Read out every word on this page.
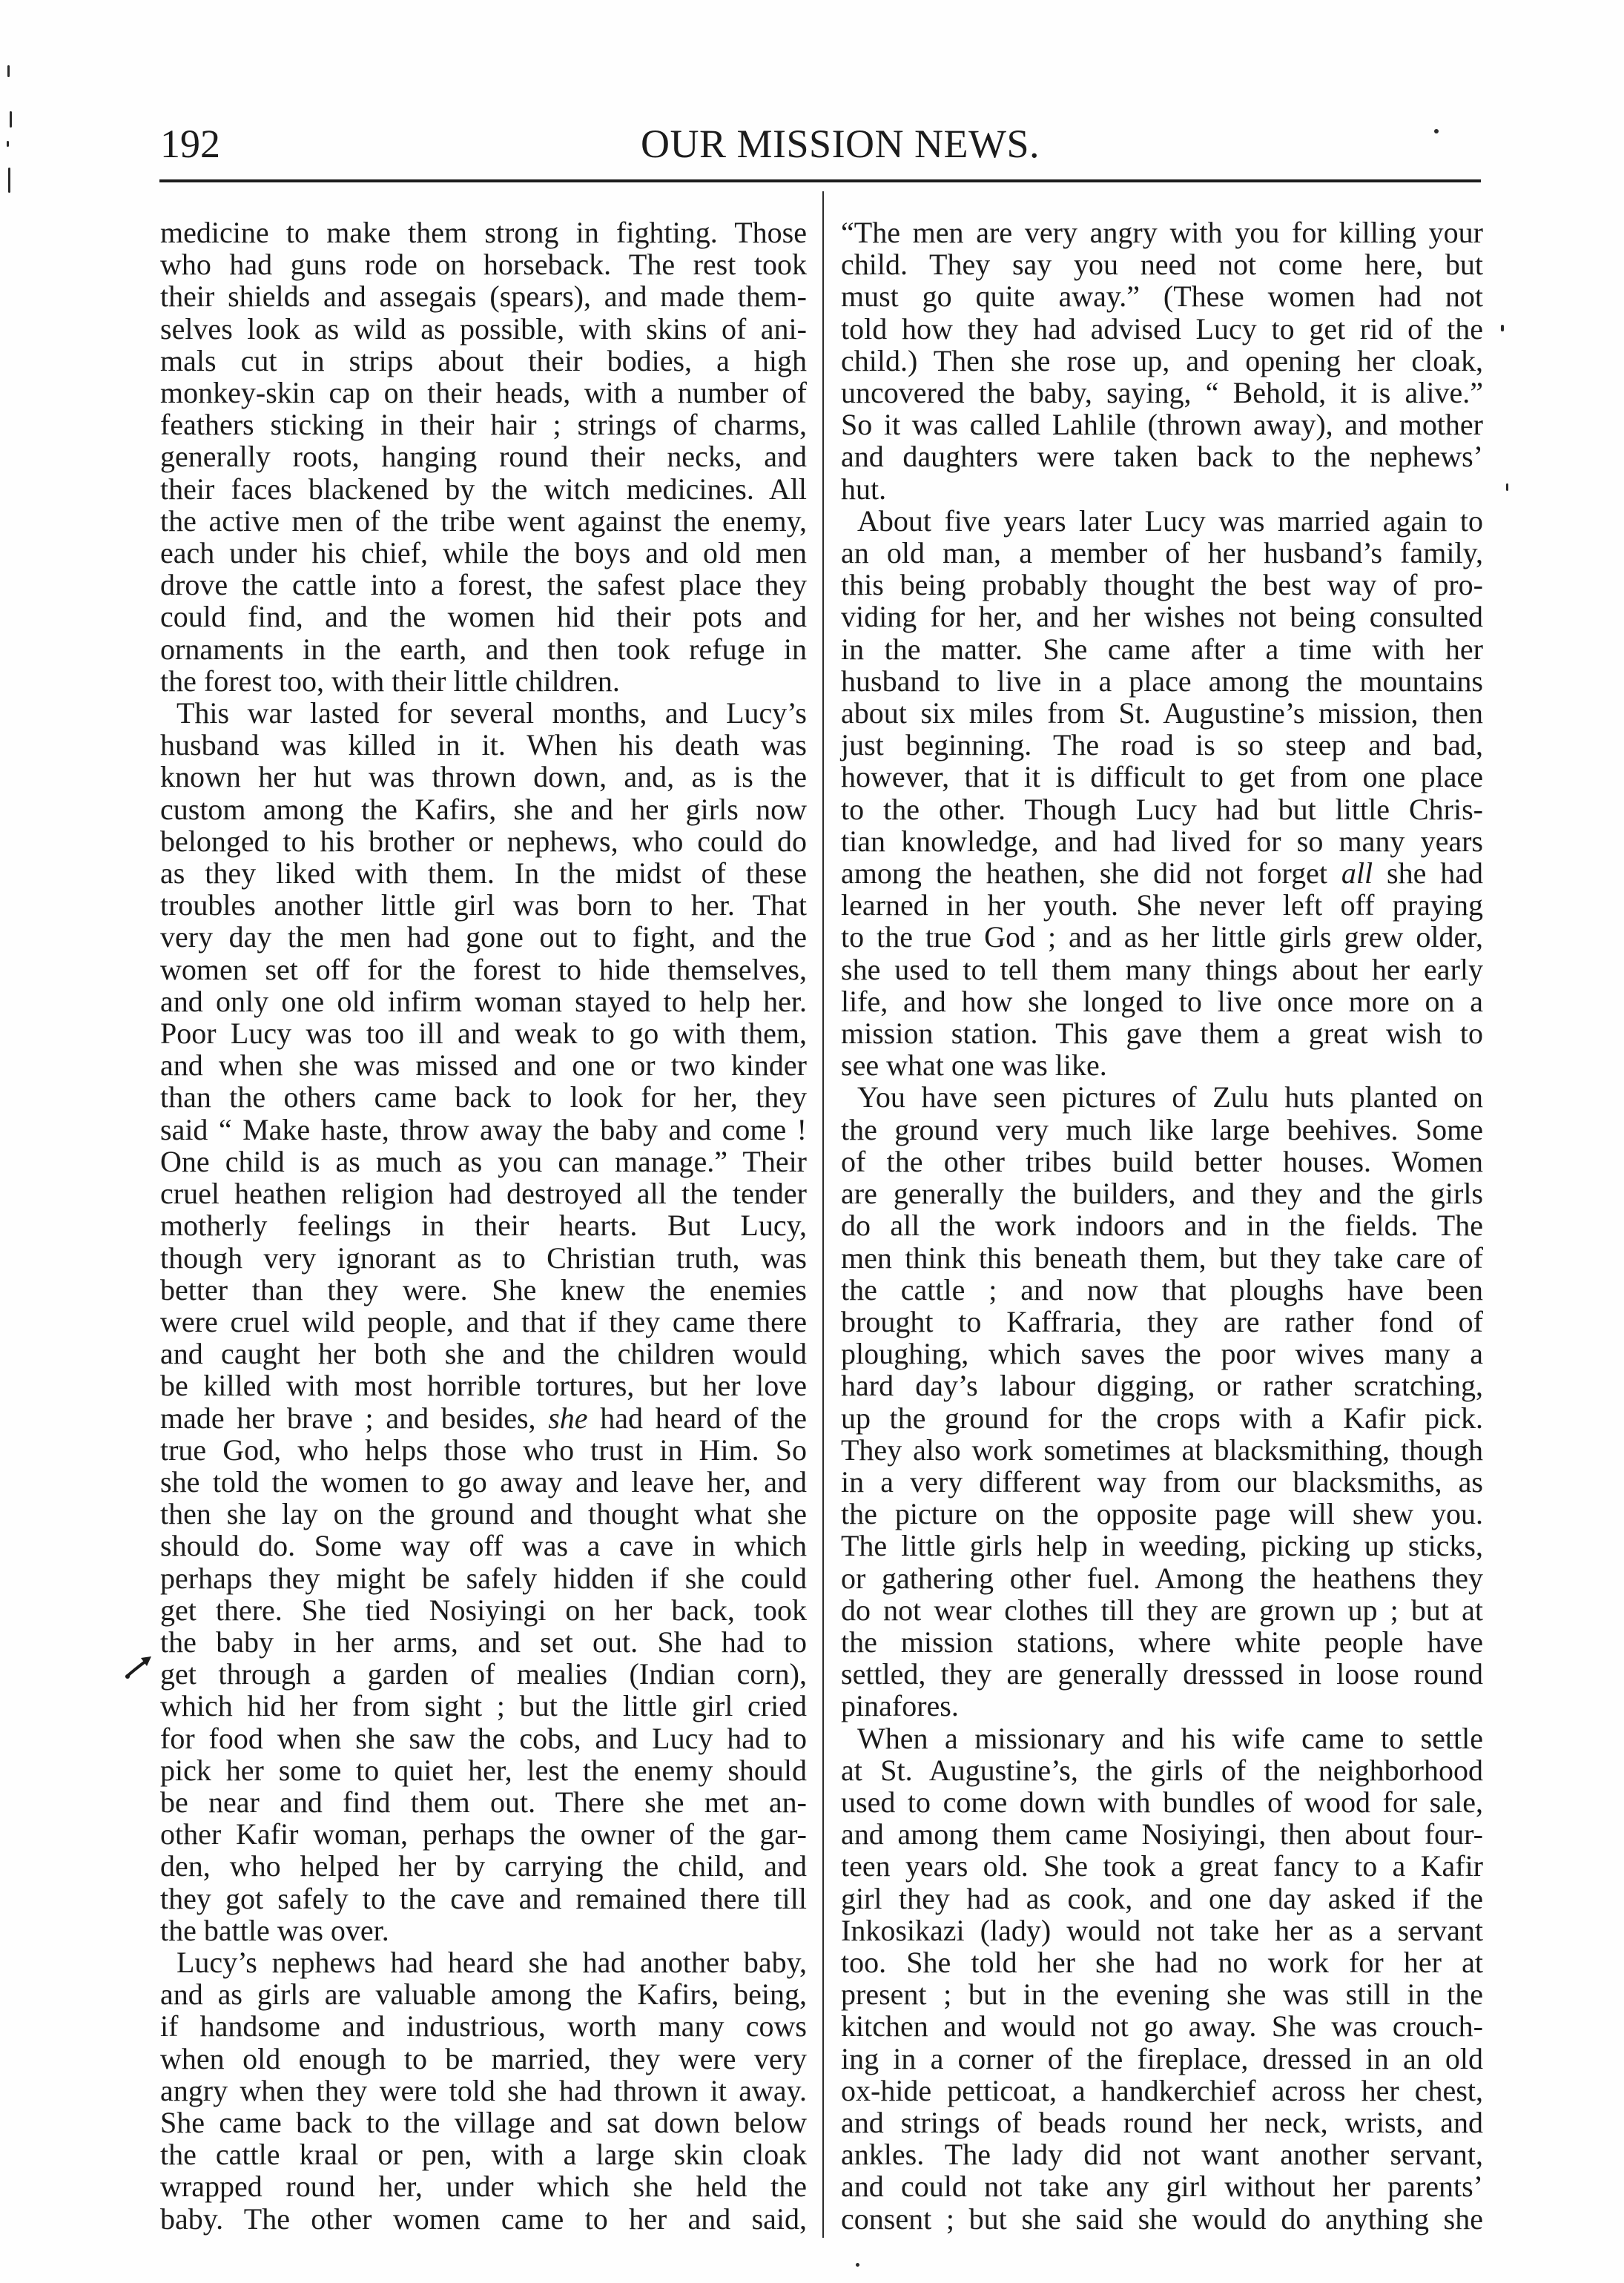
192	OUR MISSION NEWS.
medicine to make them strong in fighting. Those
who had guns rode on horseback. The rest took
their shields and assegais (spears), and made them-
selves look as wild as possible, with skins of ani-
mals cut in strips about their bodies, a high
monkey-skin cap on their heads, with a number of
feathers sticking in their hair ; strings of charms,
generally roots, hanging round their necks, and
their faces blackened by the witch medicines. All
the active men of the tribe went against the enemy,
each under his chief, while the boys and old men
drove the cattle into a forest, the safest place they
could find, and the women hid their pots and
ornaments in the earth, and then took refuge in
the forest too, with their little children.
This war lasted for several months, and Lucy’s
husband was killed in it. When his death was
known her hut was thrown down, and, as is the
custom among the Kafirs, she and her girls now
belonged to his brother or nephews, who could do
as they liked with them. In the midst of these
troubles another little girl was born to her. That
very day the men had gone out to fight, and the
women set off for the forest to hide themselves,
and only one old infirm woman stayed to help her.
Poor Lucy was too ill and weak to go with them,
and when she was missed and one or two kinder
than the others came back to look for her, they
said “ Make haste, throw away the baby and come !
One child is as much as you can manage.” Their
cruel heathen religion had destroyed all the tender
motherly feelings in their hearts. But Lucy,
though very ignorant as to Christian truth, was
better than they were. She knew the enemies
were cruel wild people, and that if they came there
and caught her both she and the children would
be killed with most horrible tortures, but her love
made her brave ; and besides, she had heard of the
true God, who helps those who trust in Him. So
she told the women to go away and leave her, and
then she lay on the ground and thought what she
should do. Some way off was a cave in which
perhaps they might be safely hidden if she could
get there. She tied Nosiyingi on her back, took
the baby in her arms, and set out. She had to
get through a garden of mealies (Indian corn),
which hid her from sight ; but the little girl cried
for food when she saw the cobs, and Lucy had to
pick her some to quiet her, lest the enemy should
be near and find them out. There she met an-
other Kafir woman, perhaps the owner of the gar-
den, who helped her by carrying the child, and
they got safely to the cave and remained there till
the battle was over.
Lucy’s nephews had heard she had another baby,
and as girls are valuable among the Kafirs, being,
if handsome and industrious, worth many cows
when old enough to be married, they were very
angry when they were told she had thrown it away.
She came back to the village and sat down below
the cattle kraal or pen, with a large skin cloak
wrapped round her, under which she held the
baby. The other women came to her and said,
“The men are very angry with you for killing your
child. They say you need not come here, but
must go quite away.” (These women had not
told how they had advised Lucy to get rid of the
child.) Then she rose up, and opening her cloak,
uncovered the baby, saying, “ Behold, it is alive.”
So it was called Lahlile (thrown away), and mother
and daughters were taken back to the nephews’
hut.
About five years later Lucy was married again to
an old man, a member of her husband’s family,
this being probably thought the best way of pro-
viding for her, and her wishes not being consulted
in the matter. She came after a time with her
husband to live in a place among the mountains
about six miles from St. Augustine’s mission, then
just beginning. The road is so steep and bad,
however, that it is difficult to get from one place
to the other. Though Lucy had but little Chris-
tian knowledge, and had lived for so many years
among the heathen, she did not forget all she had
learned in her youth. She never left off praying
to the true God ; and as her little girls grew older,
she used to tell them many things about her early
life, and how she longed to live once more on a
mission station. This gave them a great wish to
see what one was like.
You have seen pictures of Zulu huts planted on
the ground very much like large beehives. Some
of the other tribes build better houses. Women
are generally the builders, and they and the girls
do all the work indoors and in the fields. The
men think this beneath them, but they take care of
the cattle ; and now that ploughs have been
brought to Kaffraria, they are rather fond of
ploughing, which saves the poor wives many a
hard day’s labour digging, or rather scratching,
up the ground for the crops with a Kafir pick.
They also work sometimes at blacksmithing, though
in a very different way from our blacksmiths, as
the picture on the opposite page will shew you.
The little girls help in weeding, picking up sticks,
or gathering other fuel. Among the heathens they
do not wear clothes till they are grown up ; but at
the mission stations, where white people have
settled, they are generally dresssed in loose round
pinafores.
When a missionary and his wife came to settle
at St. Augustine’s, the girls of the neighborhood
used to come down with bundles of wood for sale,
and among them came Nosiyingi, then about four-
teen years old. She took a great fancy to a Kafir
girl they had as cook, and one day asked if the
Inkosikazi (lady) would not take her as a servant
too. She told her she had no work for her at
present ; but in the evening she was still in the
kitchen and would not go away. She was crouch-
ing in a corner of the fireplace, dressed in an old
ox-hide petticoat, a handkerchief across her chest,
and strings of beads round her neck, wrists, and
ankles. The lady did not want another servant,
and could not take any girl without her parents’
consent ; but she said she would do anything she
